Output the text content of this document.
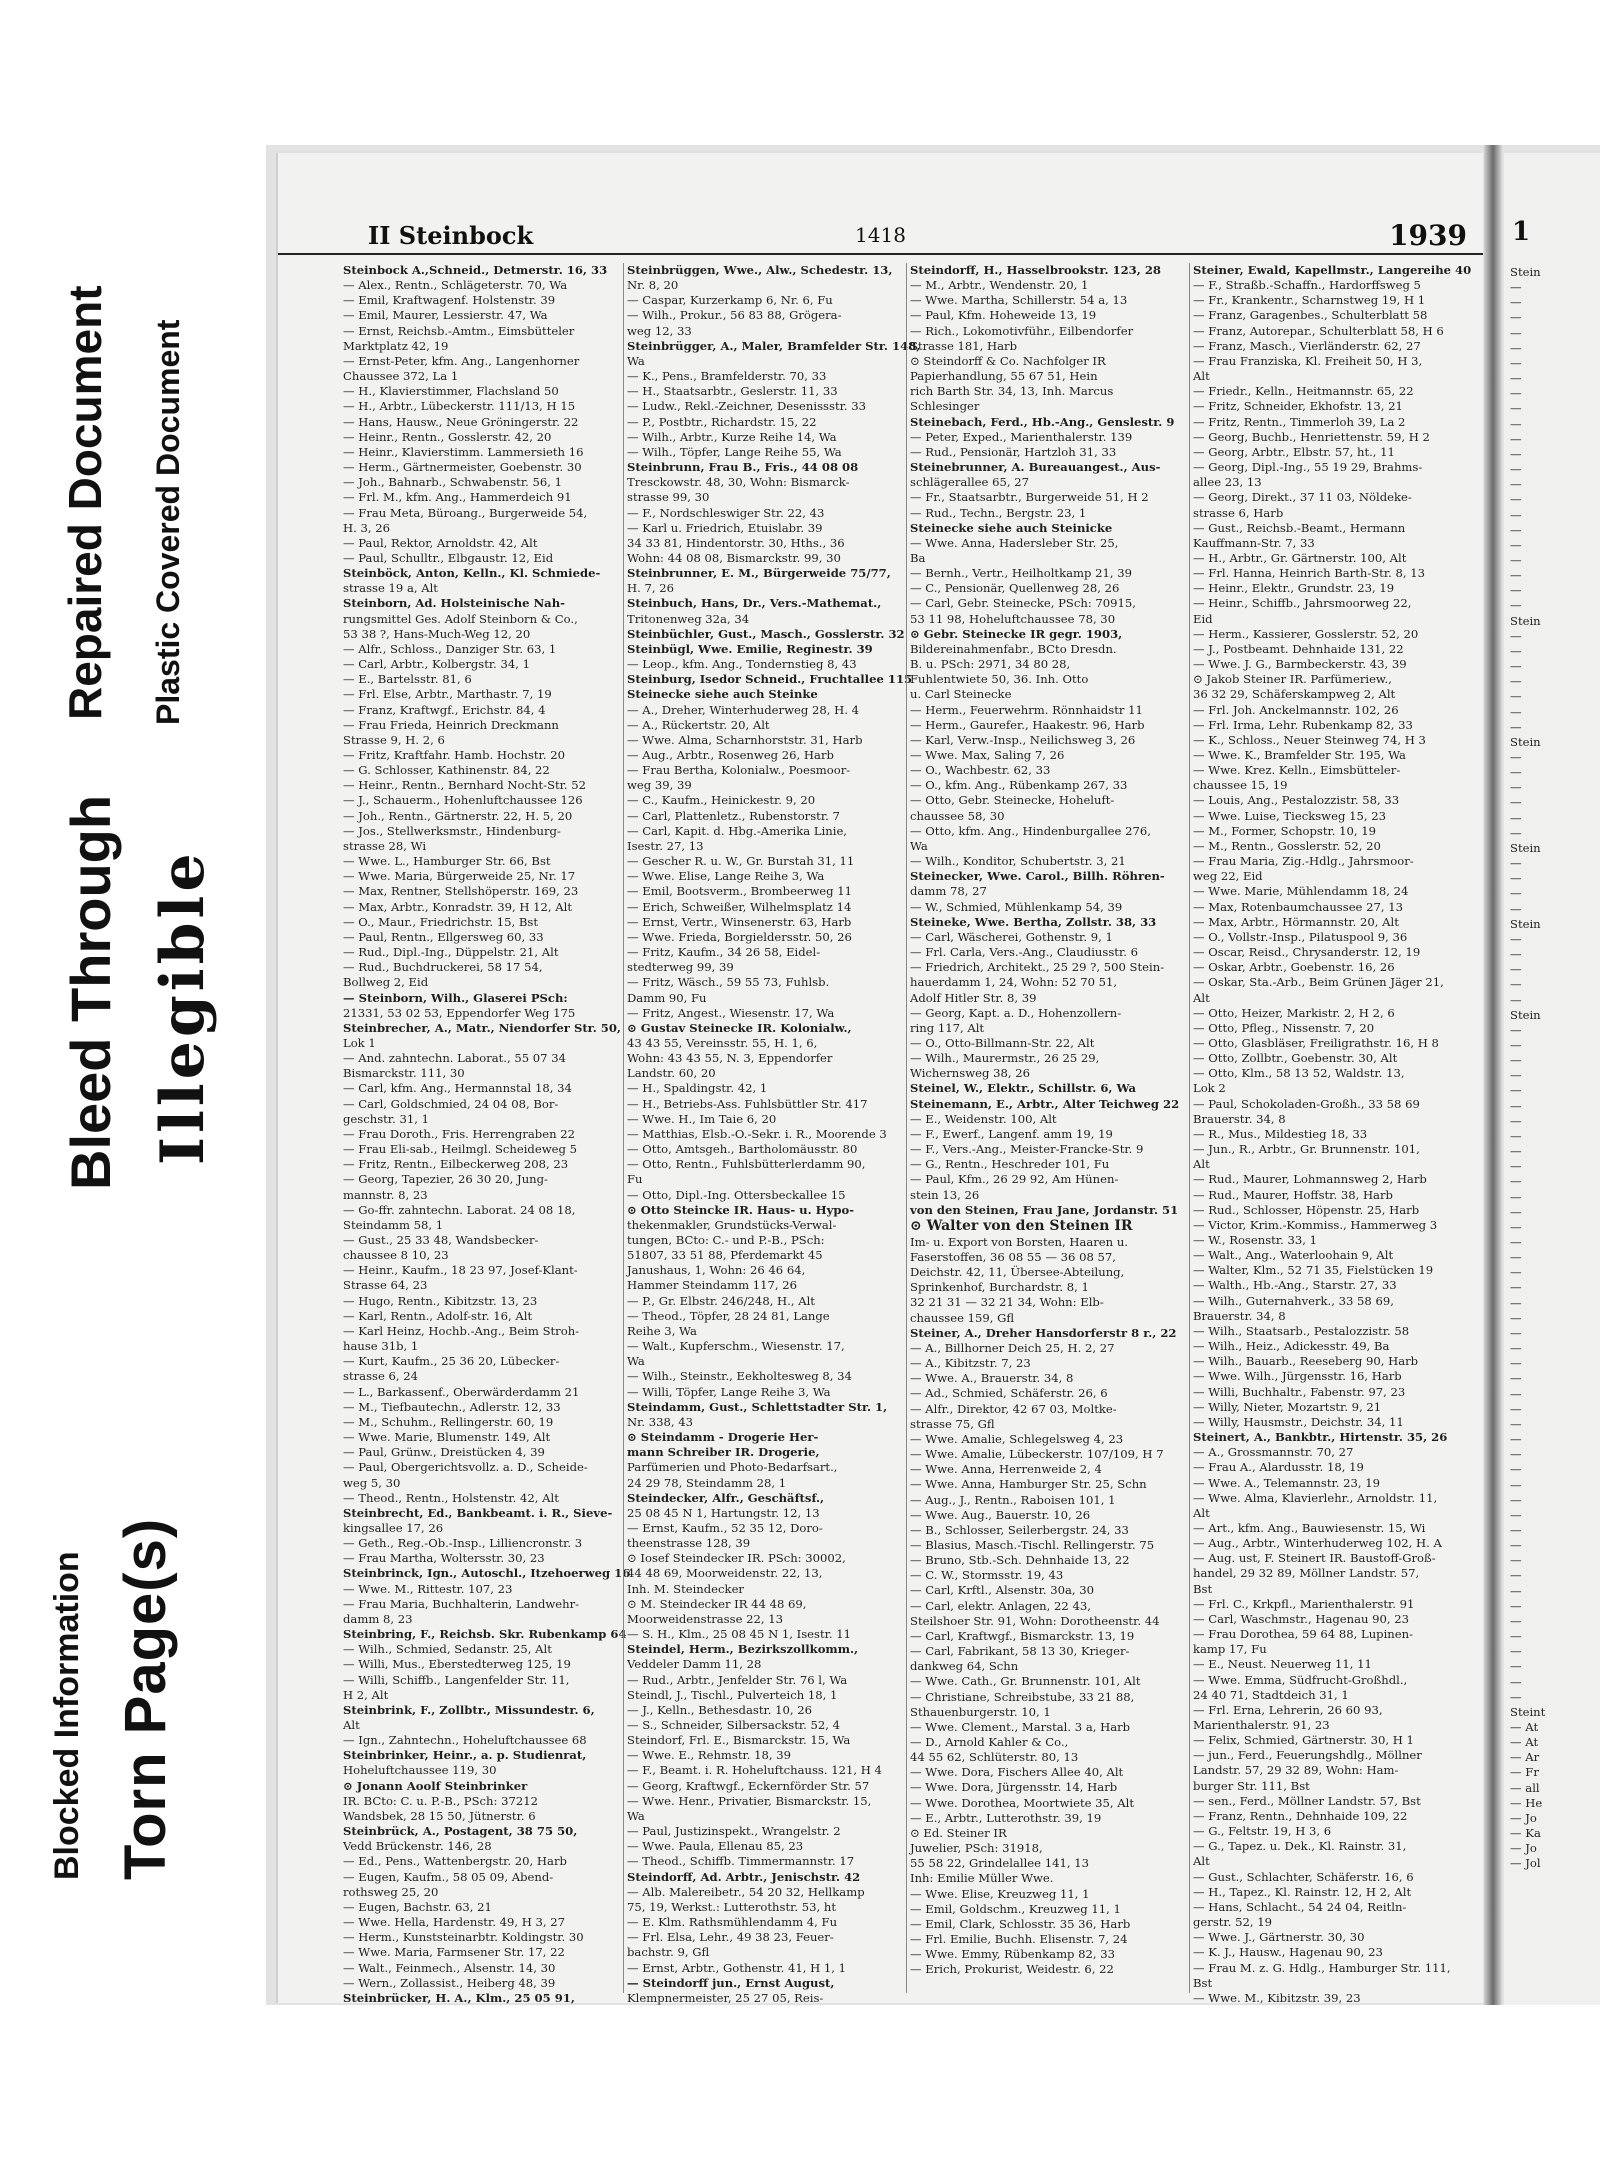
Blocked Information Torn Page(s)
Bleed Through Illegible
Repaired Document Plastic Covered Document
II Steinbock	1418	1939
Steinbock A.,Schneid., Detmerstr. 16, 33
— Alex., Rentn., Schlägeterstr. 70, Wa
— Emil, Kraftwagenf. Holstenstr. 39
— Emil, Maurer, Lessierstr. 47, Wa
— Ernst, Reichsb.-Amtm., Eimsbütteler
Marktplatz 42, 19
— Ernst-Peter, kfm. Ang., Langenhorner
Chaussee 372, La 1
— H., Klavierstimmer, Flachsland 50
— H., Arbtr., Lübeckerstr. 111/13, H 15
— Hans, Hausw., Neue Gröningerstr. 22
— Heinr., Rentn., Gosslerstr. 42, 20
— Heinr., Klavierstimm. Lammersieth 16
— Herm., Gärtnermeister, Goebenstr. 30
— Joh., Bahnarb., Schwabenstr. 56, 1
— Frl. M., kfm. Ang., Hammerdeich 91
— Frau Meta, Büroang., Burgerweide 54,
H. 3, 26
— Paul, Rektor, Arnoldstr. 42, Alt
— Paul, Schulltr., Elbgaustr. 12, Eid
Steinböck, Anton, Kelln., Kl. Schmiede-
strasse 19 a, Alt
Steinborn, Ad. Holsteinische Nah-
rungsmittel Ges. Adolf Steinborn & Co.,
53 38 ?, Hans-Much-Weg 12, 20
— Alfr., Schloss., Danziger Str. 63, 1
— Carl, Arbtr., Kolbergstr. 34, 1
— E., Bartelsstr. 81, 6
— Frl. Else, Arbtr., Marthastr. 7, 19
— Franz, Kraftwgf., Erichstr. 84, 4
— Frau Frieda, Heinrich Dreckmann
Strasse 9, H. 2, 6
— Fritz, Kraftfahr. Hamb. Hochstr. 20
— G. Schlosser, Kathinenstr. 84, 22
— Heinr., Rentn., Bernhard Nocht-Str. 52
— J., Schauerm., Hohenluftchaussee 126
— Joh., Rentn., Gärtnerstr. 22, H. 5, 20
— Jos., Stellwerksmstr., Hindenburg-
strasse 28, Wi
— Wwe. L., Hamburger Str. 66, Bst
— Wwe. Maria, Bürgerweide 25, Nr. 17
— Max, Rentner, Stellshöperstr. 169, 23
— Max, Arbtr., Konradstr. 39, H 12, Alt
— O., Maur., Friedrichstr. 15, Bst
— Paul, Rentn., Ellgersweg 60, 33
— Rud., Dipl.-Ing., Düppelstr. 21, Alt
— Rud., Buchdruckerei, 58 17 54,
Bollweg 2, Eid
— Steinborn, Wilh., Glaserei PSch:
21331, 53 02 53, Eppendorfer Weg 175
Steinbrecher, A., Matr., Niendorfer Str. 50,
Lok 1
— And. zahntechn. Laborat., 55 07 34
Bismarckstr. 111, 30
— Carl, kfm. Ang., Hermannstal 18, 34
— Carl, Goldschmied, 24 04 08, Bor-
geschstr. 31, 1
— Frau Doroth., Fris. Herrengraben 22
— Frau Eli-sab., Heilmgl. Scheideweg 5
— Fritz, Rentn., Eilbeckerweg 208, 23
— Georg, Tapezier, 26 30 20, Jung-
mannstr. 8, 23
— Go-ffr. zahntechn. Laborat. 24 08 18,
Steindamm 58, 1
— Gust., 25 33 48, Wandsbecker-
chaussee 8 10, 23
— Heinr., Kaufm., 18 23 97, Josef-Klant-
Strasse 64, 23
— Hugo, Rentn., Kibitzstr. 13, 23
— Karl, Rentn., Adolf-str. 16, Alt
— Karl Heinz, Hochb.-Ang., Beim Stroh-
hause 31b, 1
— Kurt, Kaufm., 25 36 20, Lübecker-
strasse 6, 24
— L., Barkassenf., Oberwärderdamm 21
— M., Tiefbautechn., Adlerstr. 12, 33
— M., Schuhm., Rellingerstr. 60, 19
— Wwe. Marie, Blumenstr. 149, Alt
— Paul, Grünw., Dreistücken 4, 39
— Paul, Obergerichtsvollz. a. D., Scheide-
weg 5, 30
— Theod., Rentn., Holstenstr. 42, Alt
Steinbrecht, Ed., Bankbeamt. i. R., Sieve-
kingsallee 17, 26
— Geth., Reg.-Ob.-Insp., Lilliencronstr. 3
— Frau Martha, Woltersstr. 30, 23
Steinbrinck, Ign., Autoschl., Itzehoerweg 16
— Wwe. M., Rittestr. 107, 23
— Frau Maria, Buchhalterin, Landwehr-
damm 8, 23
Steinbring, F., Reichsb. Skr. Rubenkamp 64
— Wilh., Schmied, Sedanstr. 25, Alt
— Willi, Mus., Eberstedterweg 125, 19
— Willi, Schiffb., Langenfelder Str. 11,
H 2, Alt
Steinbrink, F., Zollbtr., Missundestr. 6,
Alt
— Ign., Zahntechn., Hoheluftchaussee 68
Steinbrinker, Heinr., a. p. Studienrat,
Hoheluftchaussee 119, 30
⊙ Jonann Aoolf Steinbrinker
IR. BCto: C. u. P.-B., PSch: 37212
Wandsbek, 28 15 50, Jütnerstr. 6
Steinbrück, A., Postagent, 38 75 50,
Vedd Brückenstr. 146, 28
— Ed., Pens., Wattenbergstr. 20, Harb
— Eugen, Kaufm., 58 05 09, Abend-
rothsweg 25, 20
— Eugen, Bachstr. 63, 21
— Wwe. Hella, Hardenstr. 49, H 3, 27
— Herm., Kunststeinarbtr. Koldingstr. 30
— Wwe. Maria, Farmsener Str. 17, 22
— Walt., Feinmech., Alsenstr. 14, 30
— Wern., Zollassist., Heiberg 48, 39
Steinbrücker, H. A., Klm., 25 05 91,
Steinbrüggen, Wwe., Alw., Schedestr. 13,
Nr. 8, 20
— Caspar, Kurzerkamp 6, Nr. 6, Fu
— Wilh., Prokur., 56 83 88, Grögera-
weg 12, 33
Steinbrügger, A., Maler, Bramfelder Str. 148,
Wa
— K., Pens., Bramfelderstr. 70, 33
— H., Staatsarbtr., Geslerstr. 11, 33
— Ludw., Rekl.-Zeichner, Desenissstr. 33
— P., Postbtr., Richardstr. 15, 22
— Wilh., Arbtr., Kurze Reihe 14, Wa
— Wilh., Töpfer, Lange Reihe 55, Wa
Steinbrunn, Frau B., Fris., 44 08 08
Tresckowstr. 48, 30, Wohn: Bismarck-
strasse 99, 30
— F., Nordschleswiger Str. 22, 43
— Karl u. Friedrich, Etuislabr. 39
34 33 81, Hindentorstr. 30, Hths., 36
Wohn: 44 08 08, Bismarckstr. 99, 30
Steinbrunner, E. M., Bürgerweide 75/77,
H. 7, 26
Steinbuch, Hans, Dr., Vers.-Mathemat.,
Tritonenweg 32a, 34
Steinbüchler, Gust., Masch., Gosslerstr. 32
Steinbügl, Wwe. Emilie, Reginestr. 39
— Leop., kfm. Ang., Tondernstieg 8, 43
Steinburg, Isedor Schneid., Fruchtallee 115
Steinecke siehe auch Steinke
— A., Dreher, Winterhuderweg 28, H. 4
— A., Rückertstr. 20, Alt
— Wwe. Alma, Scharnhorststr. 31, Harb
— Aug., Arbtr., Rosenweg 26, Harb
— Frau Bertha, Kolonialw., Poesmoor-
weg 39, 39
— C., Kaufm., Heinickestr. 9, 20
— Carl, Plattenletz., Rubenstorstr. 7
— Carl, Kapit. d. Hbg.-Amerika Linie,
Isestr. 27, 13
— Gescher R. u. W., Gr. Burstah 31, 11
— Wwe. Elise, Lange Reihe 3, Wa
— Emil, Bootsverm., Brombeerweg 11
— Erich, Schweißer, Wilhelmsplatz 14
— Ernst, Vertr., Winsenerstr. 63, Harb
— Wwe. Frieda, Borgieldersstr. 50, 26
— Fritz, Kaufm., 34 26 58, Eidel-
stedterweg 99, 39
— Fritz, Wäsch., 59 55 73, Fuhlsb.
Damm 90, Fu
— Fritz, Angest., Wiesenstr. 17, Wa
⊙ Gustav Steinecke IR. Kolonialw.,
43 43 55, Vereinsstr. 55, H. 1, 6,
Wohn: 43 43 55, N. 3, Eppendorfer
Landstr. 60, 20
— H., Spaldingstr. 42, 1
— H., Betriebs-Ass. Fuhlsbüttler Str. 417
— Wwe. H., Im Taie 6, 20
— Matthias, Elsb.-O.-Sekr. i. R., Moorende 3
— Otto, Amtsgeh., Bartholomäusstr. 80
— Otto, Rentn., Fuhlsbütterlerdamm 90,
Fu
— Otto, Dipl.-Ing. Ottersbeckallee 15
⊙ Otto Steincke IR. Haus- u. Hypo-
thekenmakler, Grundstücks-Verwal-
tungen, BCto: C.- und P.-B., PSch:
51807, 33 51 88, Pferdemarkt 45
Janushaus, 1, Wohn: 26 46 64,
Hammer Steindamm 117, 26
— P., Gr. Elbstr. 246/248, H., Alt
— Theod., Töpfer, 28 24 81, Lange
Reihe 3, Wa
— Walt., Kupferschm., Wiesenstr. 17,
Wa
— Wilh., Steinstr., Eekholtesweg 8, 34
— Willi, Töpfer, Lange Reihe 3, Wa
Steindamm, Gust., Schlettstadter Str. 1,
Nr. 338, 43
⊙ Steindamm - Drogerie Her-
mann Schreiber IR. Drogerie,
Parfümerien und Photo-Bedarfsart.,
24 29 78, Steindamm 28, 1
Steindecker, Alfr., Geschäftsf.,
25 08 45 N 1, Hartungstr. 12, 13
— Ernst, Kaufm., 52 35 12, Doro-
theenstrasse 128, 39
⊙ Iosef Steindecker IR. PSch: 30002,
44 48 69, Moorweidenstr. 22, 13,
Inh. M. Steindecker
⊙ M. Steindecker IR 44 48 69,
Moorweidenstrasse 22, 13
— S. H., Klm., 25 08 45 N 1, Isestr. 11
Steindel, Herm., Bezirkszollkomm.,
Veddeler Damm 11, 28
— Rud., Arbtr., Jenfelder Str. 76 l, Wa
Steindl, J., Tischl., Pulverteich 18, 1
— J., Kelln., Bethesdastr. 10, 26
— S., Schneider, Silbersackstr. 52, 4
Steindorf, Frl. E., Bismarckstr. 15, Wa
— Wwe. E., Rehmstr. 18, 39
— F., Beamt. i. R. Hoheluftchauss. 121, H 4
— Georg, Kraftwgf., Eckernförder Str. 57
— Wwe. Henr., Privatier, Bismarckstr. 15,
Wa
— Paul, Justizinspekt., Wrangelstr. 2
— Wwe. Paula, Ellenau 85, 23
— Theod., Schiffb. Timmermannstr. 17
Steindorff, Ad. Arbtr., Jenischstr. 42
— Alb. Malereibetr., 54 20 32, Hellkamp
75, 19, Werkst.: Lutterothstr. 53, ht
— E. Klm. Rathsmühlendamm 4, Fu
— Frl. Elsa, Lehr., 49 38 23, Feuer-
bachstr. 9, Gfl
— Ernst, Arbtr., Gothenstr. 41, H 1, 1
— Steindorff jun., Ernst August,
Klempnermeister, 25 27 05, Reis-
Steindorff, H., Hasselbrookstr. 123, 28
— M., Arbtr., Wendenstr. 20, 1
— Wwe. Martha, Schillerstr. 54 a, 13
— Paul, Kfm. Hoheweide 13, 19
— Rich., Lokomotivführ., Eilbendorfer
Strasse 181, Harb
⊙ Steindorff & Co. Nachfolger IR
Papierhandlung, 55 67 51, Hein
rich Barth Str. 34, 13, Inh. Marcus
Schlesinger
Steinebach, Ferd., Hb.-Ang., Genslestr. 9
— Peter, Exped., Marienthalerstr. 139
— Rud., Pensionär, Hartzloh 31, 33
Steinebrunner, A. Bureauangest., Aus-
schlägerallee 65, 27
— Fr., Staatsarbtr., Burgerweide 51, H 2
— Rud., Techn., Bergstr. 23, 1
Steinecke siehe auch Steinicke
— Wwe. Anna, Hadersleber Str. 25,
Ba
— Bernh., Vertr., Heilholtkamp 21, 39
— C., Pensionär, Quellenweg 28, 26
— Carl, Gebr. Steinecke, PSch: 70915,
53 11 98, Hoheluftchaussee 78, 30
⊙ Gebr. Steinecke IR gegr. 1903,
Bildereinahmenfabr., BCto Dresdn.
B. u. PSch: 2971, 34 80 28,
Fuhlentwiete 50, 36. Inh. Otto
u. Carl Steinecke
— Herm., Feuerwehrm. Rönnhaidstr 11
— Herm., Gaurefer., Haakestr. 96, Harb
— Karl, Verw.-Insp., Neilichsweg 3, 26
— Wwe. Max, Saling 7, 26
— O., Wachbestr. 62, 33
— O., kfm. Ang., Rübenkamp 267, 33
— Otto, Gebr. Steinecke, Hoheluft-
chaussee 58, 30
— Otto, kfm. Ang., Hindenburgallee 276,
Wa
— Wilh., Konditor, Schubertstr. 3, 21
Steinecker, Wwe. Carol., Billh. Röhren-
damm 78, 27
— W., Schmied, Mühlenkamp 54, 39
Steineke, Wwe. Bertha, Zollstr. 38, 33
— Carl, Wäscherei, Gothenstr. 9, 1
— Frl. Carla, Vers.-Ang., Claudiusstr. 6
— Friedrich, Architekt., 25 29 ?, 500 Stein-
hauerdamm 1, 24, Wohn: 52 70 51,
Adolf Hitler Str. 8, 39
— Georg, Kapt. a. D., Hohenzollern-
ring 117, Alt
— O., Otto-Billmann-Str. 22, Alt
— Wilh., Maurermstr., 26 25 29,
Wichernsweg 38, 26
Steinel, W., Elektr., Schillstr. 6, Wa
Steinemann, E., Arbtr., Alter Teichweg 22
— E., Weidenstr. 100, Alt
— F., Ewerf., Langenf. amm 19, 19
— F., Vers.-Ang., Meister-Francke-Str. 9
— G., Rentn., Heschreder 101, Fu
— Paul, Kfm., 26 29 92, Am Hünen-
stein 13, 26
von den Steinen, Frau Jane, Jordanstr. 51
⊙ Walter von den Steinen IR
Im- u. Export von Borsten, Haaren u.
Faserstoffen, 36 08 55 — 36 08 57,
Deichstr. 42, 11, Übersee-Abteilung,
Sprinkenhof, Burchardstr. 8, 1
32 21 31 — 32 21 34, Wohn: Elb-
chaussee 159, Gfl
Steiner, A., Dreher Hansdorferstr 8 r., 22
— A., Billhorner Deich 25, H. 2, 27
— A., Kibitzstr. 7, 23
— Wwe. A., Brauerstr. 34, 8
— Ad., Schmied, Schäferstr. 26, 6
— Alfr., Direktor, 42 67 03, Moltke-
strasse 75, Gfl
— Wwe. Amalie, Schlegelsweg 4, 23
— Wwe. Amalie, Lübeckerstr. 107/109, H 7
— Wwe. Anna, Herrenweide 2, 4
— Wwe. Anna, Hamburger Str. 25, Schn
— Aug., J., Rentn., Raboisen 101, 1
— Wwe. Aug., Bauerstr. 10, 26
— B., Schlosser, Seilerbergstr. 24, 33
— Blasius, Masch.-Tischl. Rellingerstr. 75
— Bruno, Stb.-Sch. Dehnhaide 13, 22
— C. W., Stormsstr. 19, 43
— Carl, Krftl., Alsenstr. 30a, 30
— Carl, elektr. Anlagen, 22 43,
Steilshoer Str. 91, Wohn: Dorotheenstr. 44
— Carl, Kraftwgf., Bismarckstr. 13, 19
— Carl, Fabrikant, 58 13 30, Krieger-
dankweg 64, Schn
— Wwe. Cath., Gr. Brunnenstr. 101, Alt
— Christiane, Schreibstube, 33 21 88,
Sthauenburgerstr. 10, 1
— Wwe. Clement., Marstal. 3 a, Harb
— D., Arnold Kahler & Co.,
44 55 62, Schlüterstr. 80, 13
— Wwe. Dora, Fischers Allee 40, Alt
— Wwe. Dora, Jürgensstr. 14, Harb
— Wwe. Dorothea, Moortwiete 35, Alt
— E., Arbtr., Lutterothstr. 39, 19
⊙ Ed. Steiner IR
Juwelier, PSch: 31918,
55 58 22, Grindelallee 141, 13
Inh: Emilie Müller Wwe.
— Wwe. Elise, Kreuzweg 11, 1
— Emil, Goldschm., Kreuzweg 11, 1
— Emil, Clark, Schlosstr. 35 36, Harb
— Frl. Emilie, Buchh. Elisenstr. 7, 24
— Wwe. Emmy, Rübenkamp 82, 33
— Erich, Prokurist, Weidestr. 6, 22
Steiner, Ewald, Kapellmstr., Langereihe 40
— F., Straßb.-Schaffn., Hardorffsweg 5
— Fr., Krankentr., Scharnstweg 19, H 1
— Franz, Garagenbes., Schulterblatt 58
— Franz, Autorepar., Schulterblatt 58, H 6
— Franz, Masch., Vierländerstr. 62, 27
— Frau Franziska, Kl. Freiheit 50, H 3,
Alt
— Friedr., Kelln., Heitmannstr. 65, 22
— Fritz, Schneider, Ekhofstr. 13, 21
— Fritz, Rentn., Timmerloh 39, La 2
— Georg, Buchb., Henriettenstr. 59, H 2
— Georg, Arbtr., Elbstr. 57, ht., 11
— Georg, Dipl.-Ing., 55 19 29, Brahms-
allee 23, 13
— Georg, Direkt., 37 11 03, Nöldeke-
strasse 6, Harb
— Gust., Reichsb.-Beamt., Hermann
Kauffmann-Str. 7, 33
— H., Arbtr., Gr. Gärtnerstr. 100, Alt
— Frl. Hanna, Heinrich Barth-Str. 8, 13
— Heinr., Elektr., Grundstr. 23, 19
— Heinr., Schiffb., Jahrsmoorweg 22,
Eid
— Herm., Kassierer, Gosslerstr. 52, 20
— J., Postbeamt. Dehnhaide 131, 22
— Wwe. J. G., Barmbeckerstr. 43, 39
⊙ Jakob Steiner IR. Parfümeriew.,
36 32 29, Schäferskampweg 2, Alt
— Frl. Joh. Anckelmannstr. 102, 26
— Frl. Irma, Lehr. Rubenkamp 82, 33
— K., Schloss., Neuer Steinweg 74, H 3
— Wwe. K., Bramfelder Str. 195, Wa
— Wwe. Krez. Kelln., Eimsbütteler-
chaussee 15, 19
— Louis, Ang., Pestalozzistr. 58, 33
— Wwe. Luise, Tiecksweg 15, 23
— M., Former, Schopstr. 10, 19
— M., Rentn., Gosslerstr. 52, 20
— Frau Maria, Zig.-Hdlg., Jahrsmoor-
weg 22, Eid
— Wwe. Marie, Mühlendamm 18, 24
— Max, Rotenbaumchaussee 27, 13
— Max, Arbtr., Hörmannstr. 20, Alt
— O., Vollstr.-Insp., Pilatuspool 9, 36
— Oscar, Reisd., Chrysanderstr. 12, 19
— Oskar, Arbtr., Goebenstr. 16, 26
— Oskar, Sta.-Arb., Beim Grünen Jäger 21,
Alt
— Otto, Heizer, Markistr. 2, H 2, 6
— Otto, Pfleg., Nissenstr. 7, 20
— Otto, Glasbläser, Freiligrathstr. 16, H 8
— Otto, Zollbtr., Goebenstr. 30, Alt
— Otto, Klm., 58 13 52, Waldstr. 13,
Lok 2
— Paul, Schokoladen-Großh., 33 58 69
Brauerstr. 34, 8
— R., Mus., Mildestieg 18, 33
— Jun., R., Arbtr., Gr. Brunnenstr. 101,
Alt
— Rud., Maurer, Lohmannsweg 2, Harb
— Rud., Maurer, Hoffstr. 38, Harb
— Rud., Schlosser, Höpenstr. 25, Harb
— Victor, Krim.-Kommiss., Hammerweg 3
— W., Rosenstr. 33, 1
— Walt., Ang., Waterloohain 9, Alt
— Walter, Klm., 52 71 35, Fielstücken 19
— Walth., Hb.-Ang., Starstr. 27, 33
— Wilh., Guternahverk., 33 58 69,
Brauerstr. 34, 8
— Wilh., Staatsarb., Pestalozzistr. 58
— Wilh., Heiz., Adickesstr. 49, Ba
— Wilh., Bauarb., Reeseberg 90, Harb
— Wwe. Wilh., Jürgensstr. 16, Harb
— Willi, Buchhaltr., Fabenstr. 97, 23
— Willy, Nieter, Mozartstr. 9, 21
— Willy, Hausmstr., Deichstr. 34, 11
Steinert, A., Bankbtr., Hirtenstr. 35, 26
— A., Grossmannstr. 70, 27
— Frau A., Alardusstr. 18, 19
— Wwe. A., Telemannstr. 23, 19
— Wwe. Alma, Klavierlehr., Arnoldstr. 11,
Alt
— Art., kfm. Ang., Bauwiesenstr. 15, Wi
— Aug., Arbtr., Winterhuderweg 102, H. A
— Aug. ust, F. Steinert IR. Baustoff-Groß-
handel, 29 32 89, Möllner Landstr. 57,
Bst
— Frl. C., Krkpfl., Marienthalerstr. 91
— Carl, Waschmstr., Hagenau 90, 23
— Frau Dorothea, 59 64 88, Lupinen-
kamp 17, Fu
— E., Neust. Neuerweg 11, 11
— Wwe. Emma, Südfrucht-Großhdl.,
24 40 71, Stadtdeich 31, 1
— Frl. Erna, Lehrerin, 26 60 93,
Marienthalerstr. 91, 23
— Felix, Schmied, Gärtnerstr. 30, H 1
— jun., Ferd., Feuerungshdlg., Möllner
Landstr. 57, 29 32 89, Wohn: Ham-
burger Str. 111, Bst
— sen., Ferd., Möllner Landstr. 57, Bst
— Franz, Rentn., Dehnhaide 109, 22
— G., Feltstr. 19, H 3, 6
— G., Tapez. u. Dek., Kl. Rainstr. 31,
Alt
— Gust., Schlachter, Schäferstr. 16, 6
— H., Tapez., Kl. Rainstr. 12, H 2, Alt
— Hans, Schlacht., 54 24 04, Reitln-
gerstr. 52, 19
— Wwe. J., Gärtnerstr. 30, 30
— K. J., Hausw., Hagenau 90, 23
— Frau M. z. G. Hdlg., Hamburger Str. 111,
Bst
— Wwe. M., Kibitzstr. 39, 23
1
Stein
—
—
—
—
—
—
—
—
—
—
—
—
—
—
—
—
—
—
—
—
—
—
Stein
—
—
—
—
—
—
—
Stein
—
—
—
—
—
—
Stein
—
—
—
—
Stein
—
—
—
—
—
Stein
—
—
—
—
—
—
—
—
—
—
—
—
—
—
—
—
—
—
—
—
—
—
—
—
—
—
—
—
—
—
—
—
—
—
—
—
—
—
—
—
—
—
—
—
—
Steint
— At
— At
— Ar
— Fr
— all
— He
— Jo
— Ka
— Jo
— Jol
